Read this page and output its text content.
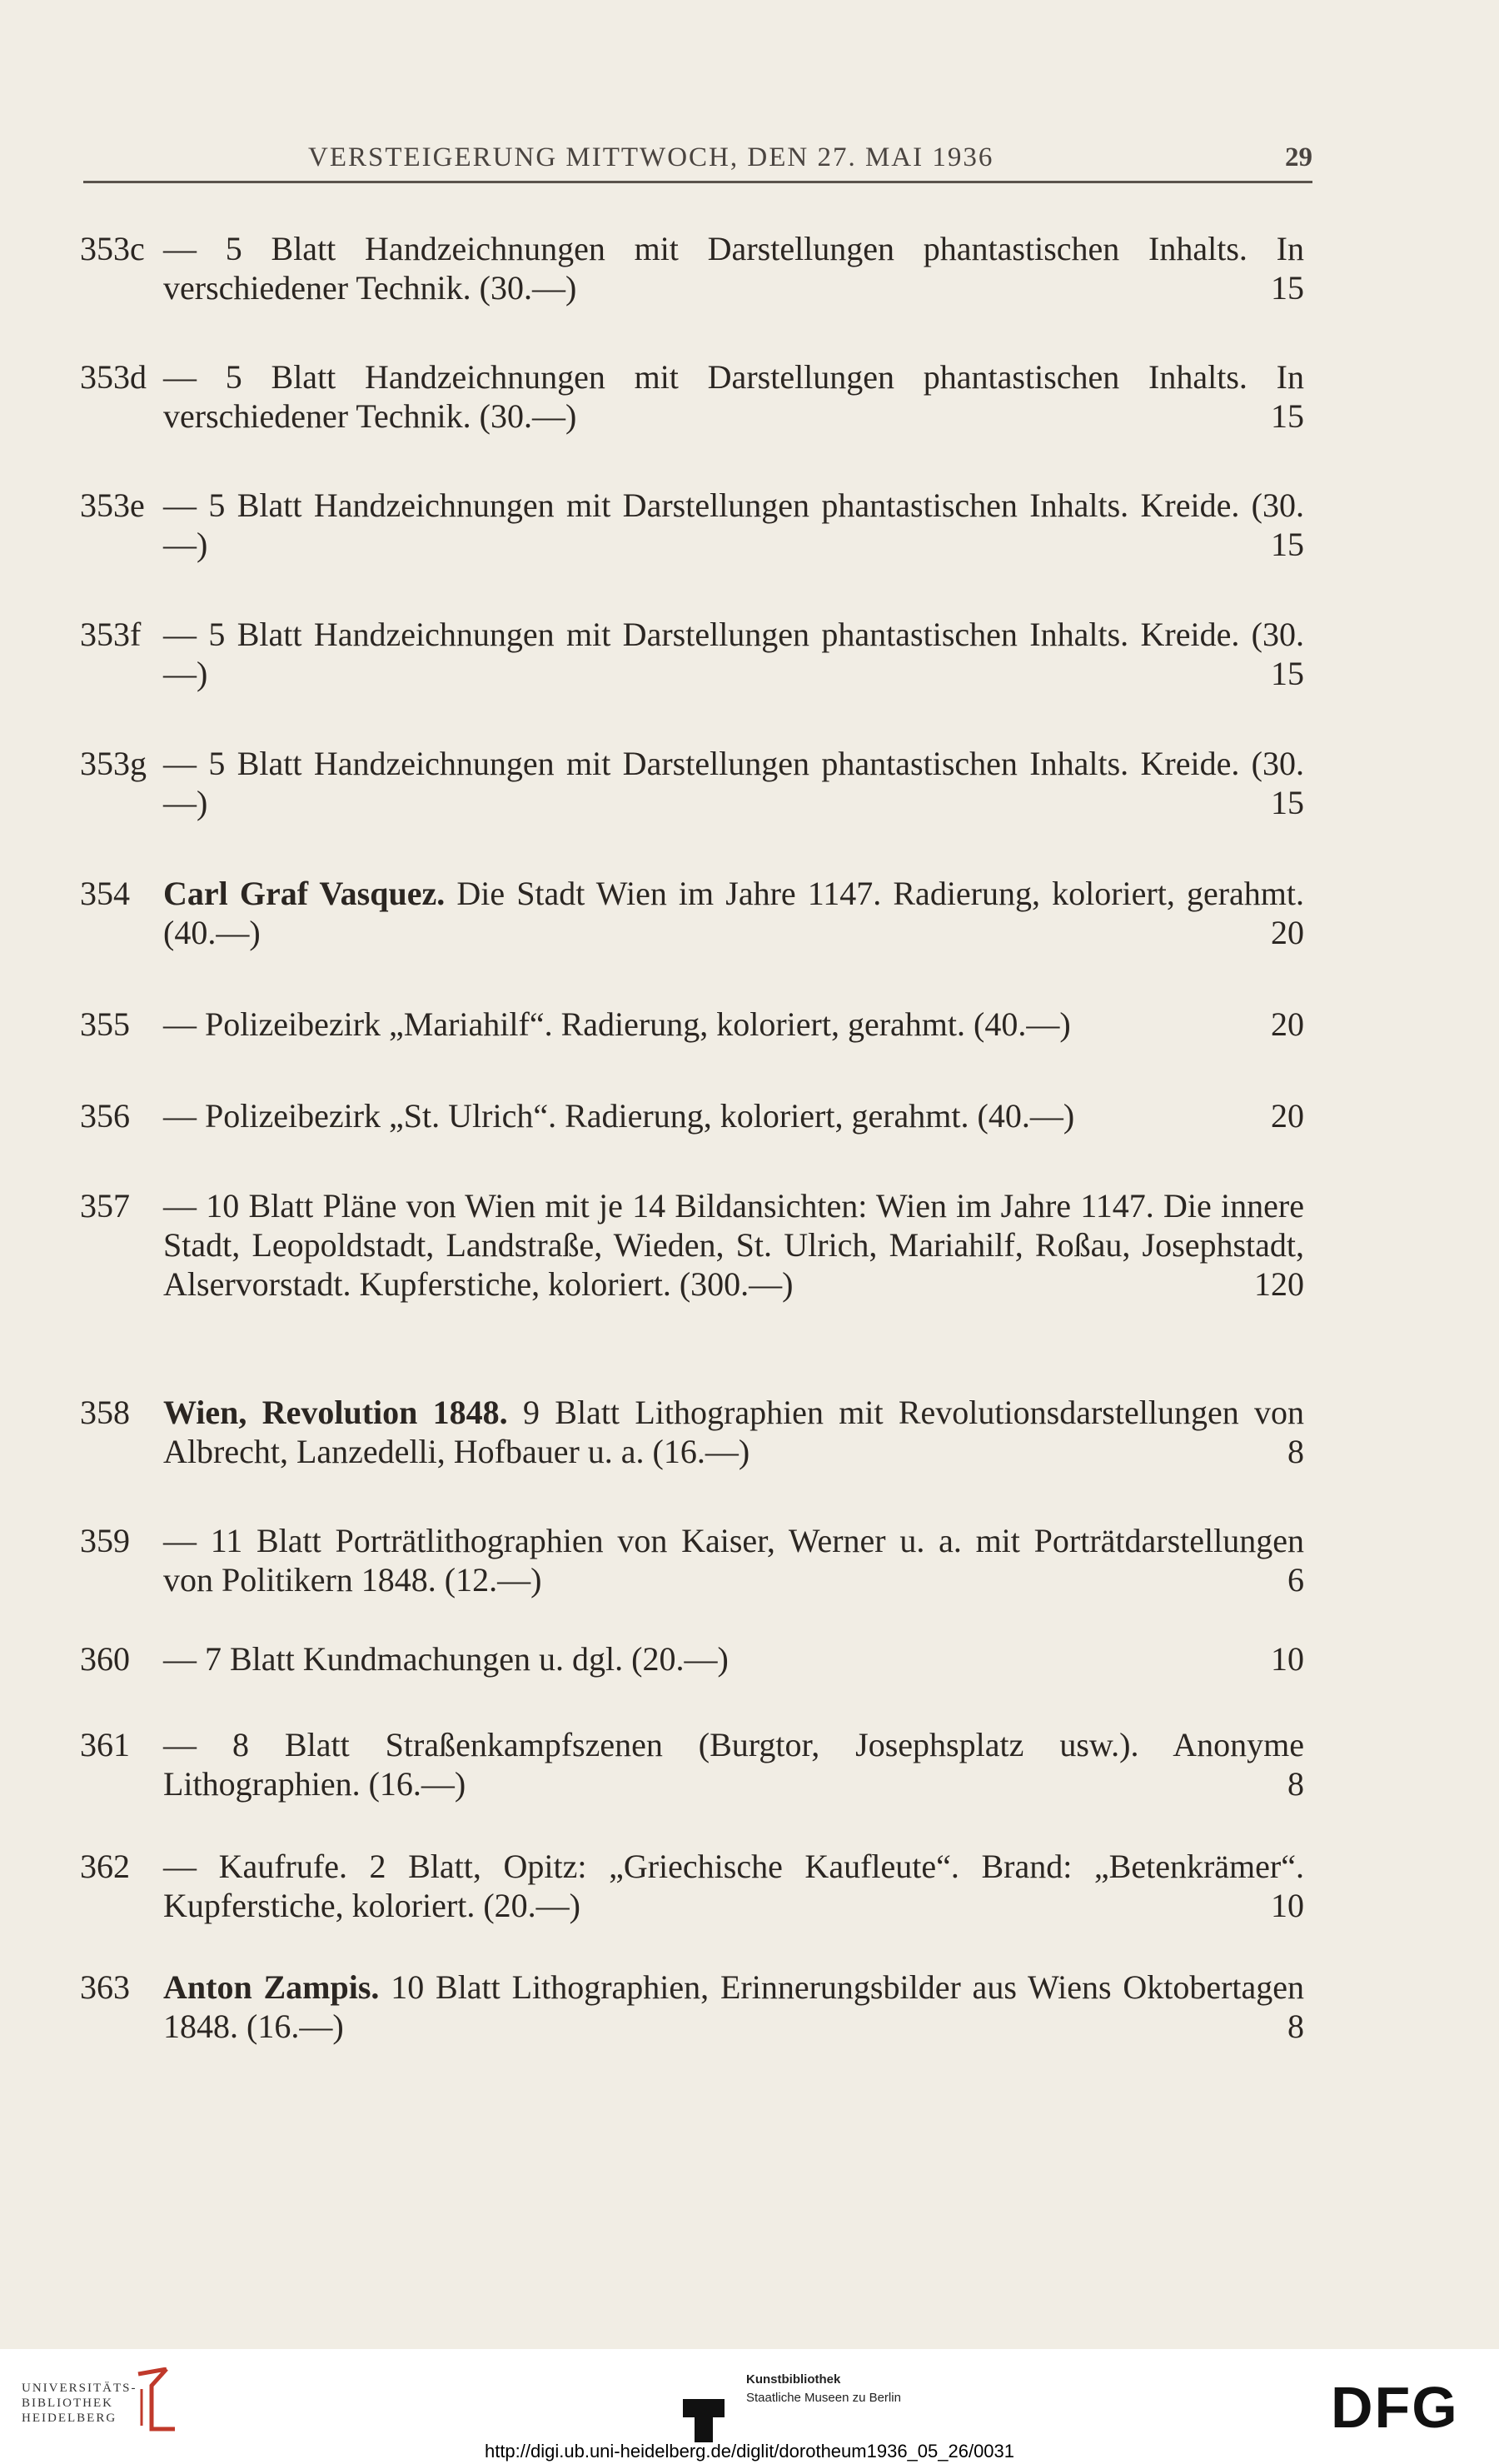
VERSTEIGERUNG MITTWOCH, DEN 27. MAI 1936	29
353c — 5 Blatt Handzeichnungen mit Darstellungen phantastischen Inhalts. In verschiedener Technik. (30.—)	15
353d — 5 Blatt Handzeichnungen mit Darstellungen phantastischen Inhalts. In verschiedener Technik. (30.—)	15
353e — 5 Blatt Handzeichnungen mit Darstellungen phantastischen Inhalts. Kreide. (30.—)	15
353f — 5 Blatt Handzeichnungen mit Darstellungen phantastischen Inhalts. Kreide. (30.—)	15
353g — 5 Blatt Handzeichnungen mit Darstellungen phantastischen Inhalts. Kreide. (30.—)	15
354 Carl Graf Vasquez. Die Stadt Wien im Jahre 1147. Radierung, koloriert, gerahmt. (40.—)	20
355 — Polizeibezirk „Mariahilf“. Radierung, koloriert, gerahmt. (40.—)	20
356 — Polizeibezirk „St. Ulrich“. Radierung, koloriert, gerahmt. (40.—)	20
357 — 10 Blatt Pläne von Wien mit je 14 Bildansichten: Wien im Jahre 1147. Die innere Stadt, Leopoldstadt, Landstraße, Wieden, St. Ulrich, Mariahilf, Roßau, Josephstadt, Alservorstadt. Kupferstiche, koloriert. (300.—)	120
358 Wien, Revolution 1848. 9 Blatt Lithographien mit Revolutionsdarstellungen von Albrecht, Lanzedelli, Hofbauer u. a. (16.—)	8
359 — 11 Blatt Porträtlithographien von Kaiser, Werner u. a. mit Porträtdarstellungen von Politikern 1848. (12.—)	6
360 — 7 Blatt Kundmachungen u. dgl. (20.—)	10
361 — 8 Blatt Straßenkampfszenen (Burgtor, Josephsplatz usw.). Anonyme Lithographien. (16.—)	8
362 — Kaufrufe. 2 Blatt, Opitz: „Griechische Kaufleute“. Brand: „Betenkrämer“. Kupferstiche, koloriert. (20.—)	10
363 Anton Zampis. 10 Blatt Lithographien, Erinnerungsbilder aus Wiens Oktobertagen 1848. (16.—)	8
UNIVERSITÄTS-
BIBLIOTHEK
HEIDELBERG
Kunstbibliothek
Staatliche Museen zu Berlin	DFG
http://digi.ub.uni-heidelberg.de/diglit/dorotheum1936_05_26/0031
